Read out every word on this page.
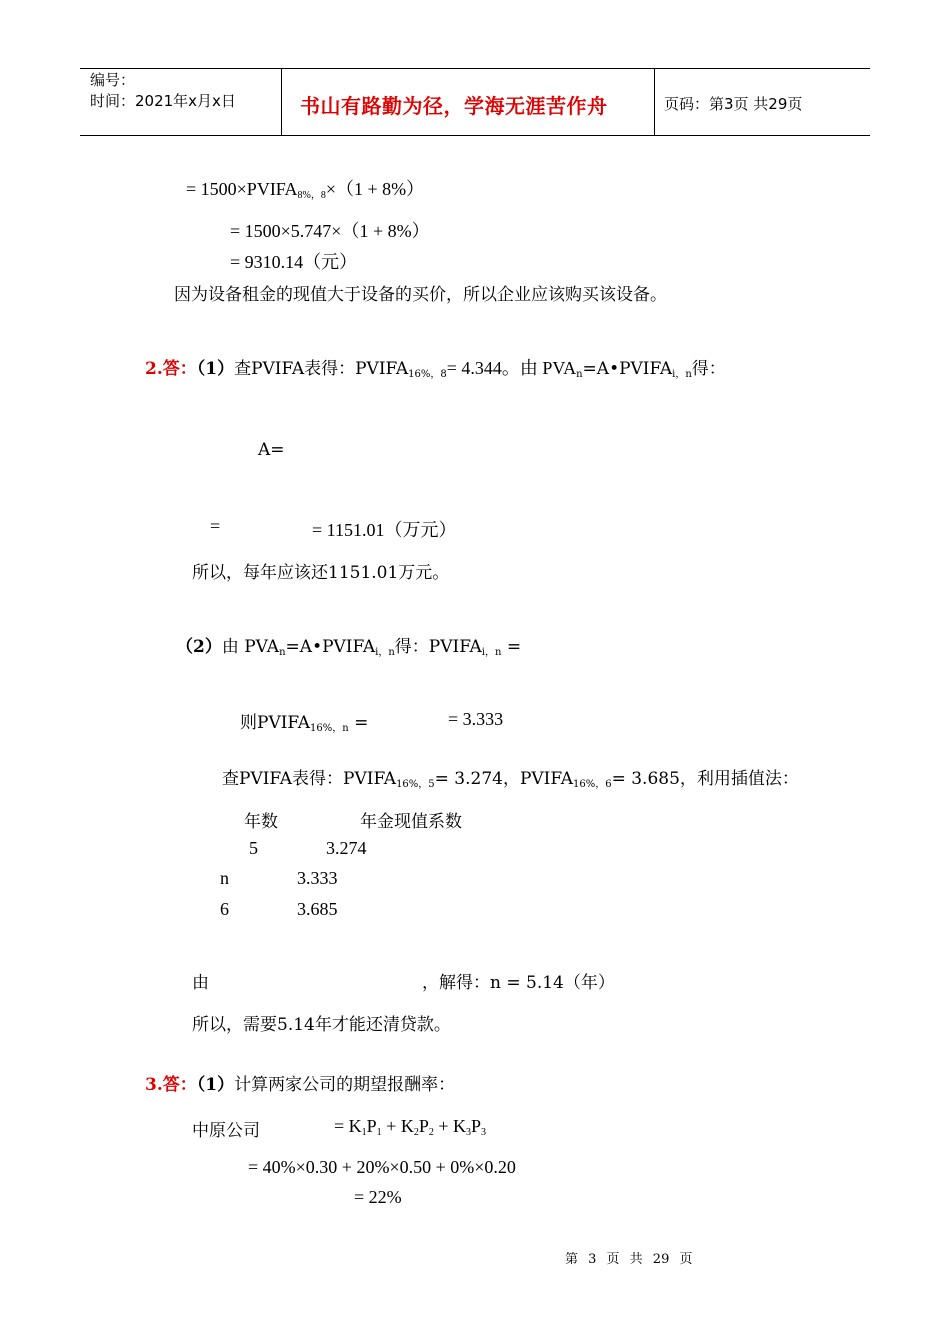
编号：
时间：2021年x月x日	书山有路勤为径，学海无涯苦作舟	页码：第3页 共29页
= $1500\times PVIFA_{8\%,8}\times(1 + 8\%)$
= 1500×5.747×（1 + 8%）
= 9310.14（元）
因为设备租金的现值大于设备的买价，所以企业应该购买该设备。
2.答：（1）查PVIFA表得：$PVIFA_{16\%,8}= 4.344$。由 $PVA_n=A•PVIFA_{i,n}$得：
A=
=	= 1151.01（万元）
所以，每年应该还1151.01万元。
（2）由 $PVA_n=A•PVIFA_{i,n}$得：$PVIFA_{i,n}$ =
则$PVIFA_{16\%,n}$ =	= 3.333
查PVIFA表得：$PVIFA_{16\%,5}= 3.274$，$PVIFA_{16\%,6}= 3.685$，利用插值法：
年数	年金现值系数
5	3.274
n	3.333
6	3.685
由	，解得：n = 5.14（年）
所以，需要5.14年才能还清贷款。
3.答：（1）计算两家公司的期望报酬率：
中原公司	= $K_1P_1 + K_2P_2 + K_3P_3$
= 40%×0.30 + 20%×0.50 + 0%×0.20
= 22%
第 3 页 共 29 页
